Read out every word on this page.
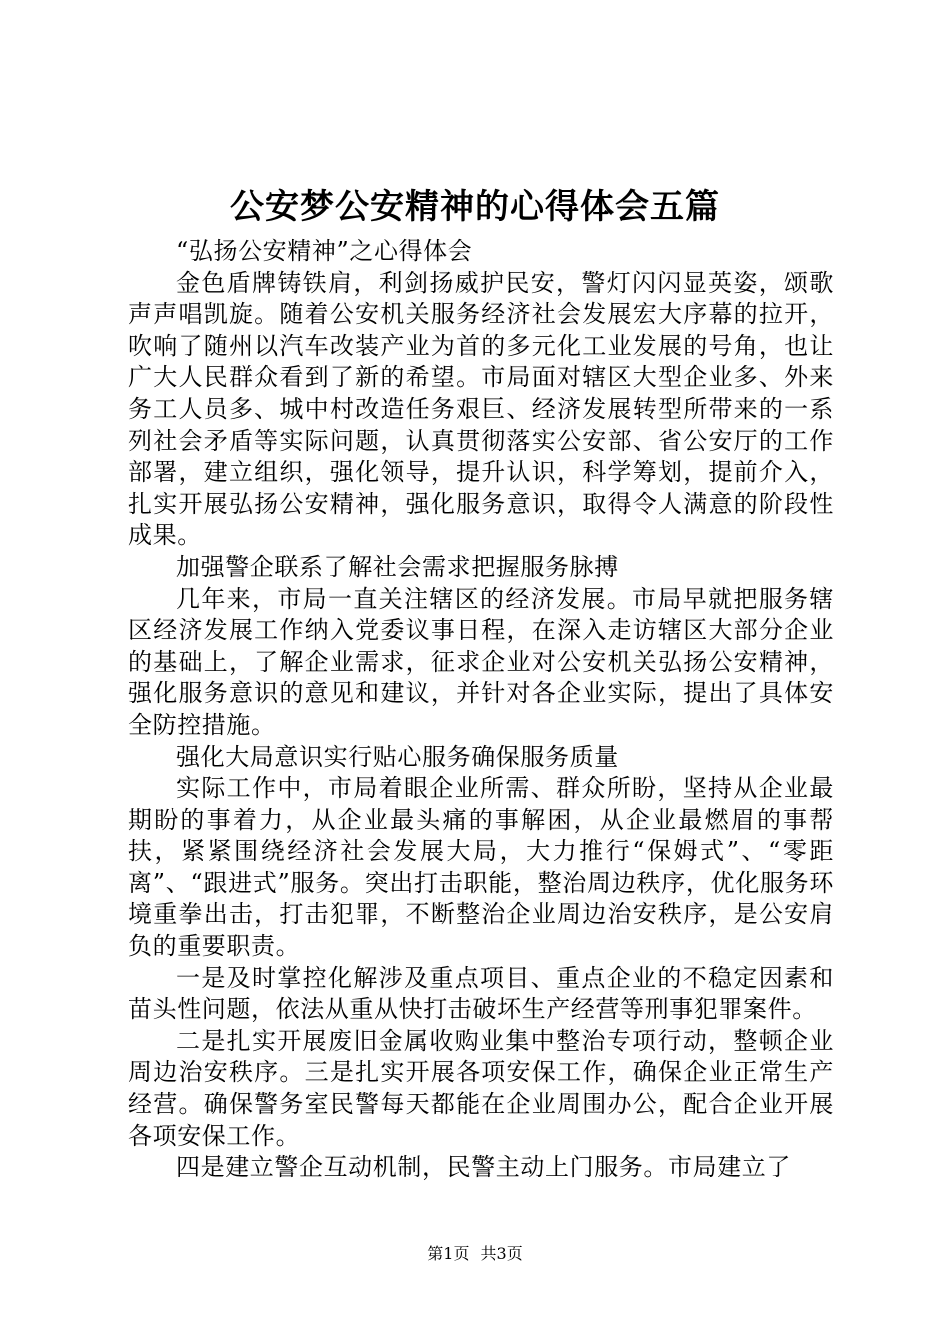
公安梦公安精神的心得体会五篇

“弘扬公安精神”之心得体会

金色盾牌铸铁肩，利剑扬威护民安，警灯闪闪显英姿，颂歌声声唱凯旋。随着公安机关服务经济社会发展宏大序幕的拉开，吹响了随州以汽车改装产业为首的多元化工业发展的号角，也让广大人民群众看到了新的希望。市局面对辖区大型企业多、外来务工人员多、城中村改造任务艰巨、经济发展转型所带来的一系列社会矛盾等实际问题，认真贯彻落实公安部、省公安厅的工作部署，建立组织，强化领导，提升认识，科学筹划，提前介入，扎实开展弘扬公安精神，强化服务意识，取得令人满意的阶段性成果。

加强警企联系了解社会需求把握服务脉搏

几年来，市局一直关注辖区的经济发展。市局早就把服务辖区经济发展工作纳入党委议事日程，在深入走访辖区大部分企业的基础上，了解企业需求，征求企业对公安机关弘扬公安精神，强化服务意识的意见和建议，并针对各企业实际，提出了具体安全防控措施。

强化大局意识实行贴心服务确保服务质量

实际工作中，市局着眼企业所需、群众所盼，坚持从企业最期盼的事着力，从企业最头痛的事解困，从企业最燃眉的事帮扶，紧紧围绕经济社会发展大局，大力推行“保姆式”、“零距离”、“跟进式”服务。突出打击职能，整治周边秩序，优化服务环境重拳出击，打击犯罪，不断整治企业周边治安秩序，是公安肩负的重要职责。

一是及时掌控化解涉及重点项目、重点企业的不稳定因素和苗头性问题，依法从重从快打击破坏生产经营等刑事犯罪案件。

二是扎实开展废旧金属收购业集中整治专项行动，整顿企业周边治安秩序。三是扎实开展各项安保工作，确保企业正常生产经营。确保警务室民警每天都能在企业周围办公，配合企业开展各项安保工作。

四是建立警企互动机制，民警主动上门服务。市局建立了

第1页 共3页
